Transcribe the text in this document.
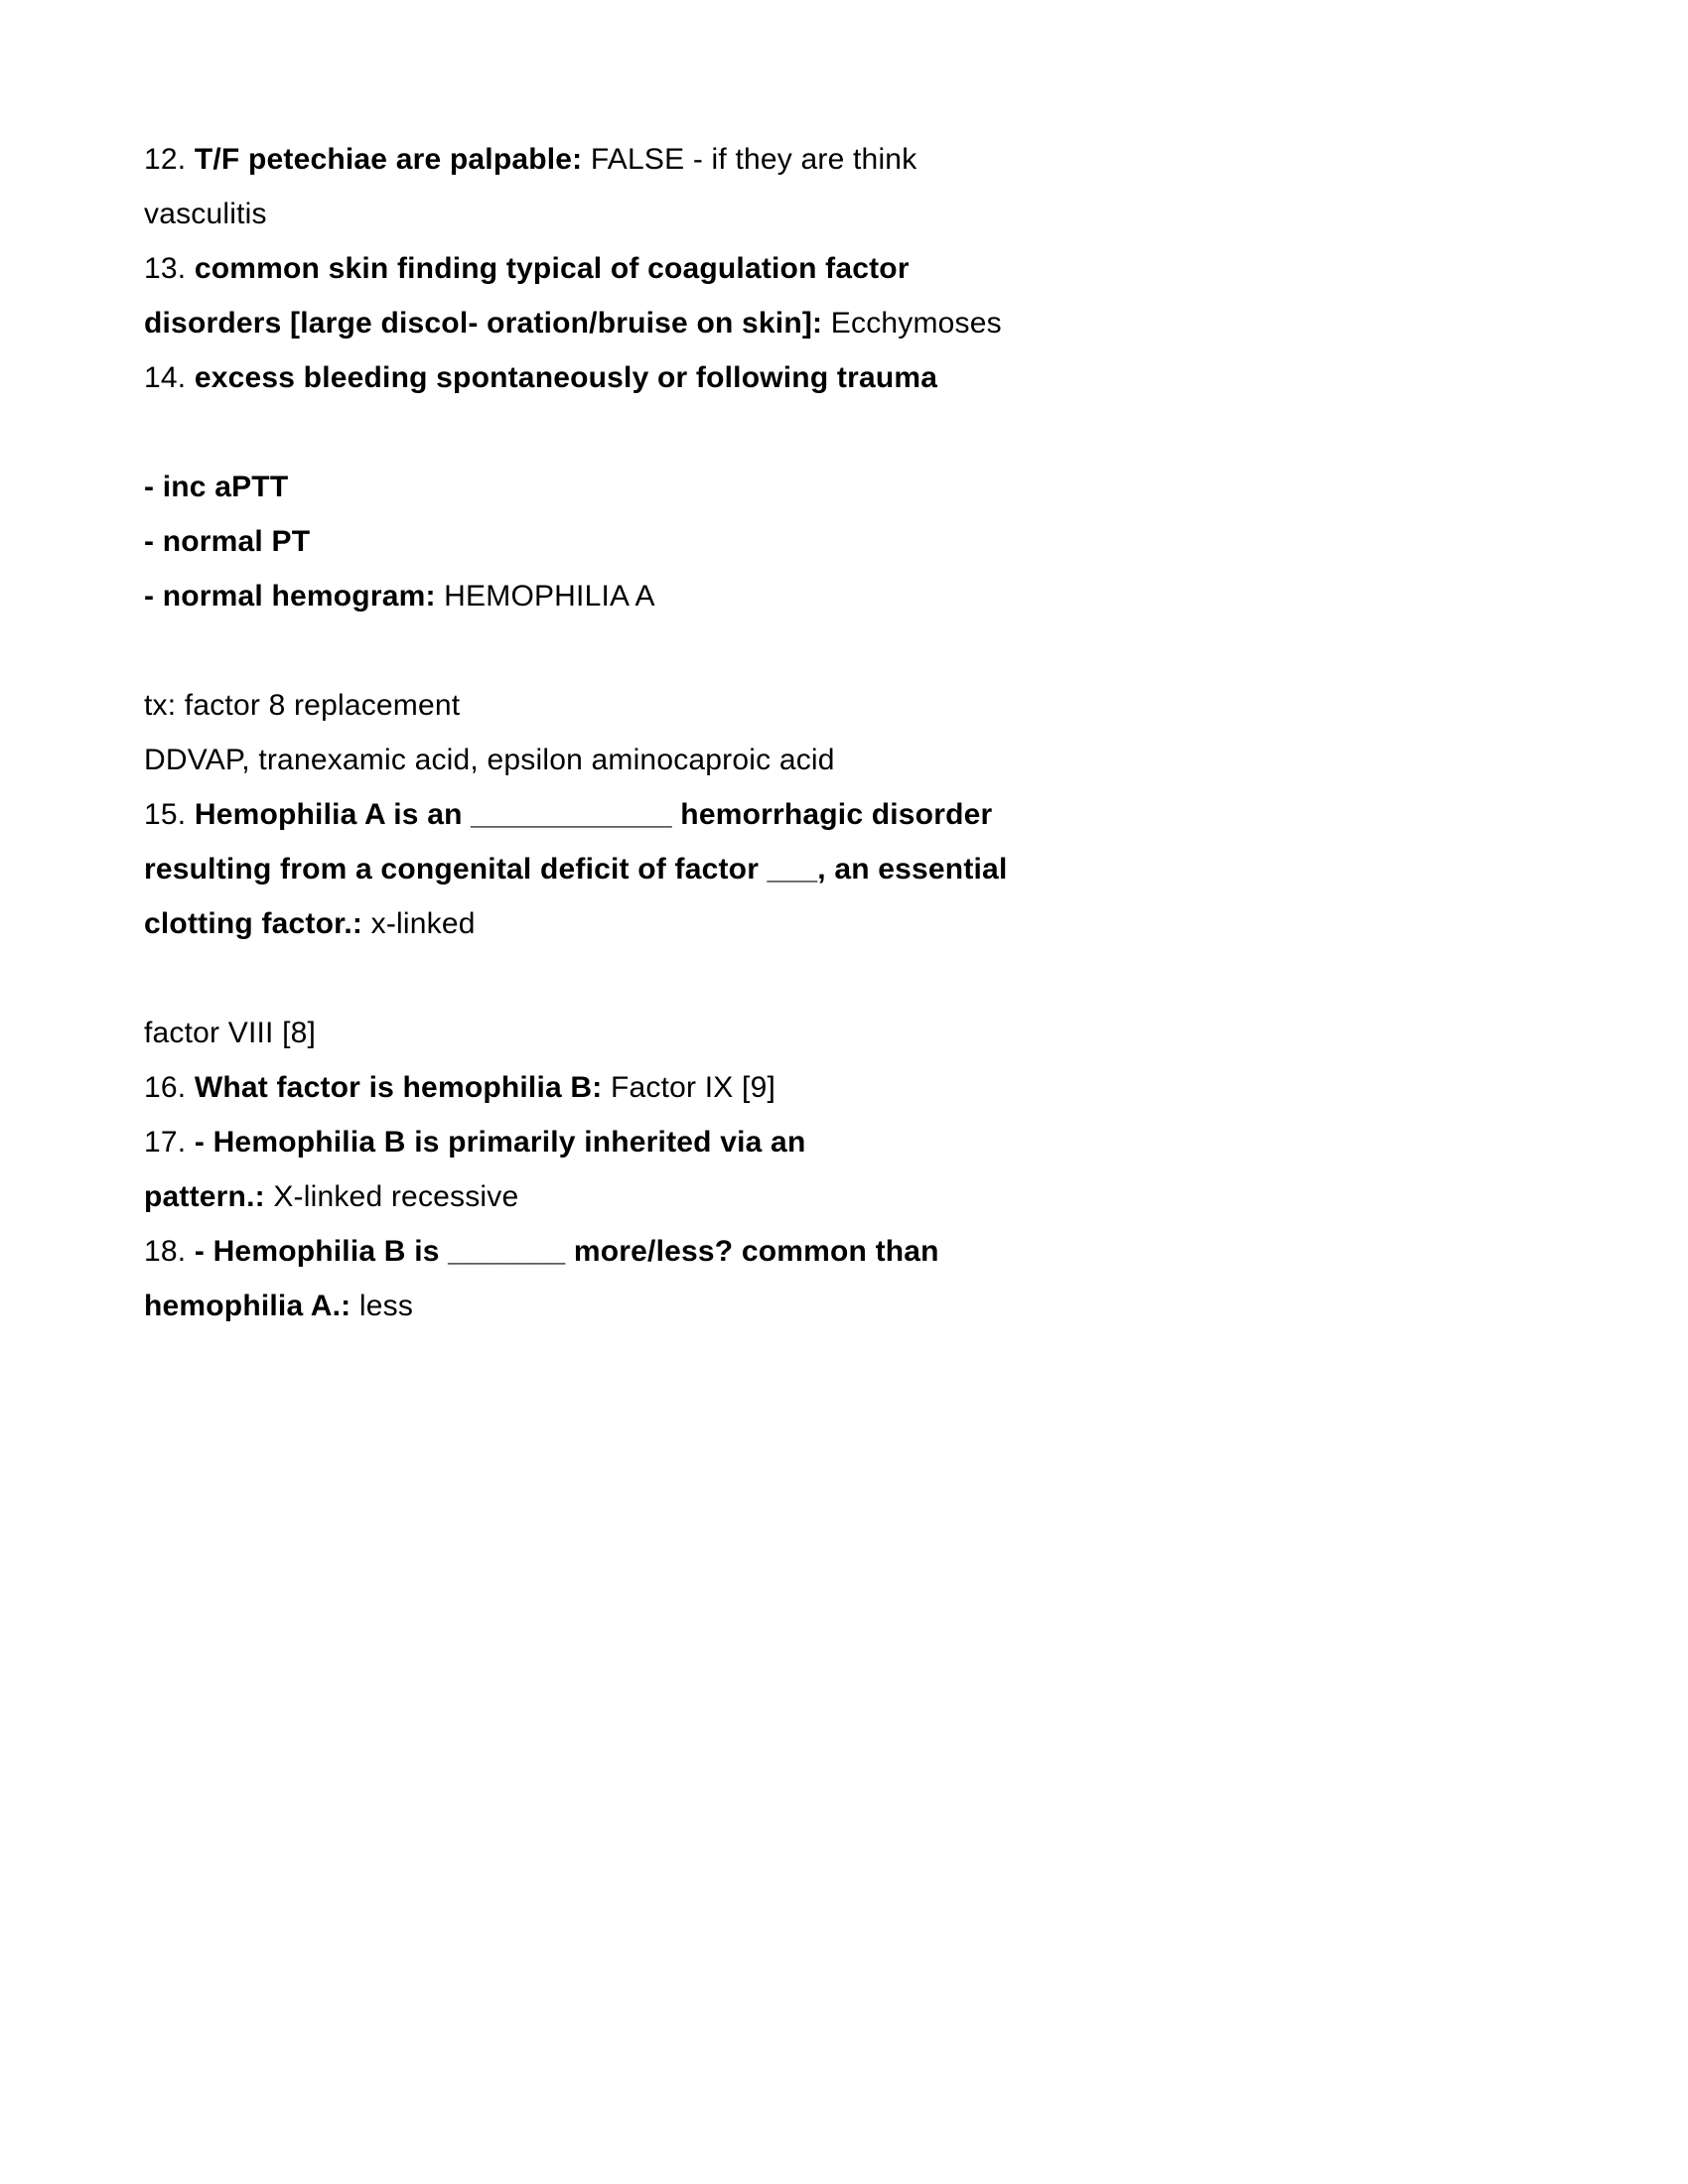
12. T/F petechiae are palpable: FALSE - if they are think
vasculitis
13. common skin finding typical of coagulation factor
disorders [large discol- oration/bruise on skin]: Ecchymoses
14. excess bleeding spontaneously or following trauma

- inc aPTT
- normal PT
- normal hemogram: HEMOPHILIA A

tx: factor 8 replacement
DDVAP, tranexamic acid, epsilon aminocaproic acid
15. Hemophilia A is an ____________ hemorrhagic disorder
resulting from a congenital deficit of factor ___, an essential
clotting factor.: x-linked

factor VIII [8]
16. What factor is hemophilia B: Factor IX [9]
17. - Hemophilia B is primarily inherited via an
pattern.: X-linked recessive
18. - Hemophilia B is _______ more/less? common than
hemophilia A.: less
